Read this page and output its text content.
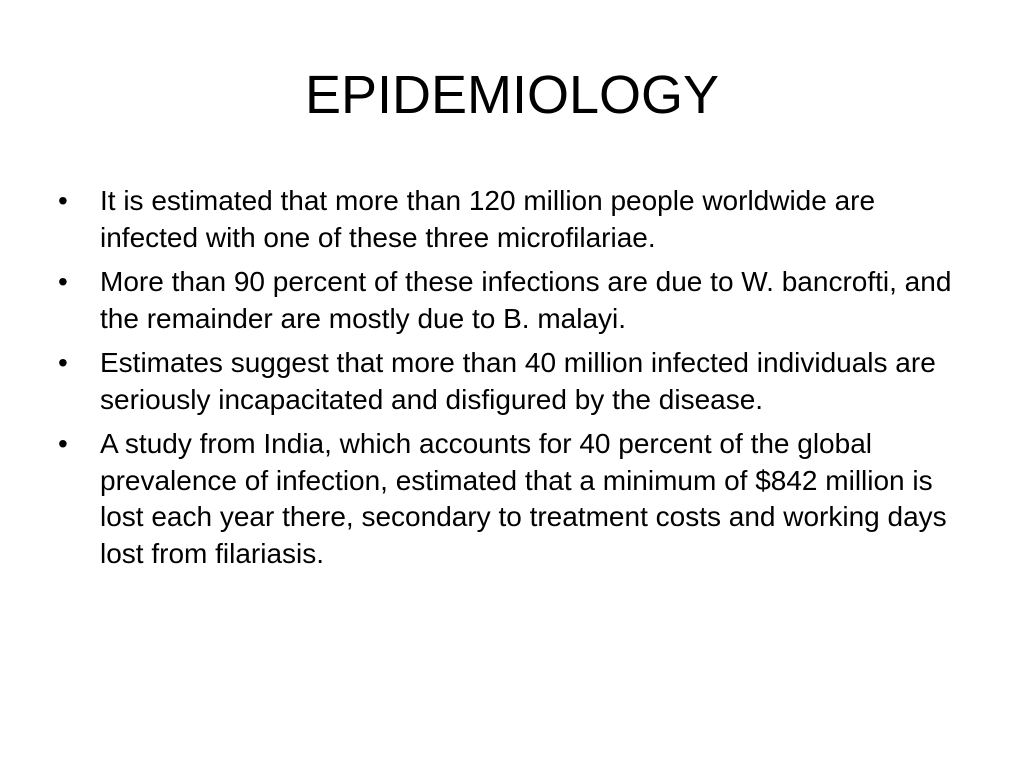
EPIDEMIOLOGY
•	It is estimated that more than 120 million people worldwide are infected with one of these three microfilariae.
•	More than 90 percent of these infections are due to W. bancrofti, and the remainder are mostly due to B. malayi.
•	Estimates suggest that more than 40 million infected individuals are seriously incapacitated and disfigured by the disease.
•	A study from India, which accounts for 40 percent of the global prevalence of infection, estimated that a minimum of $842 million is lost each year there, secondary to treatment costs and working days lost from filariasis.
